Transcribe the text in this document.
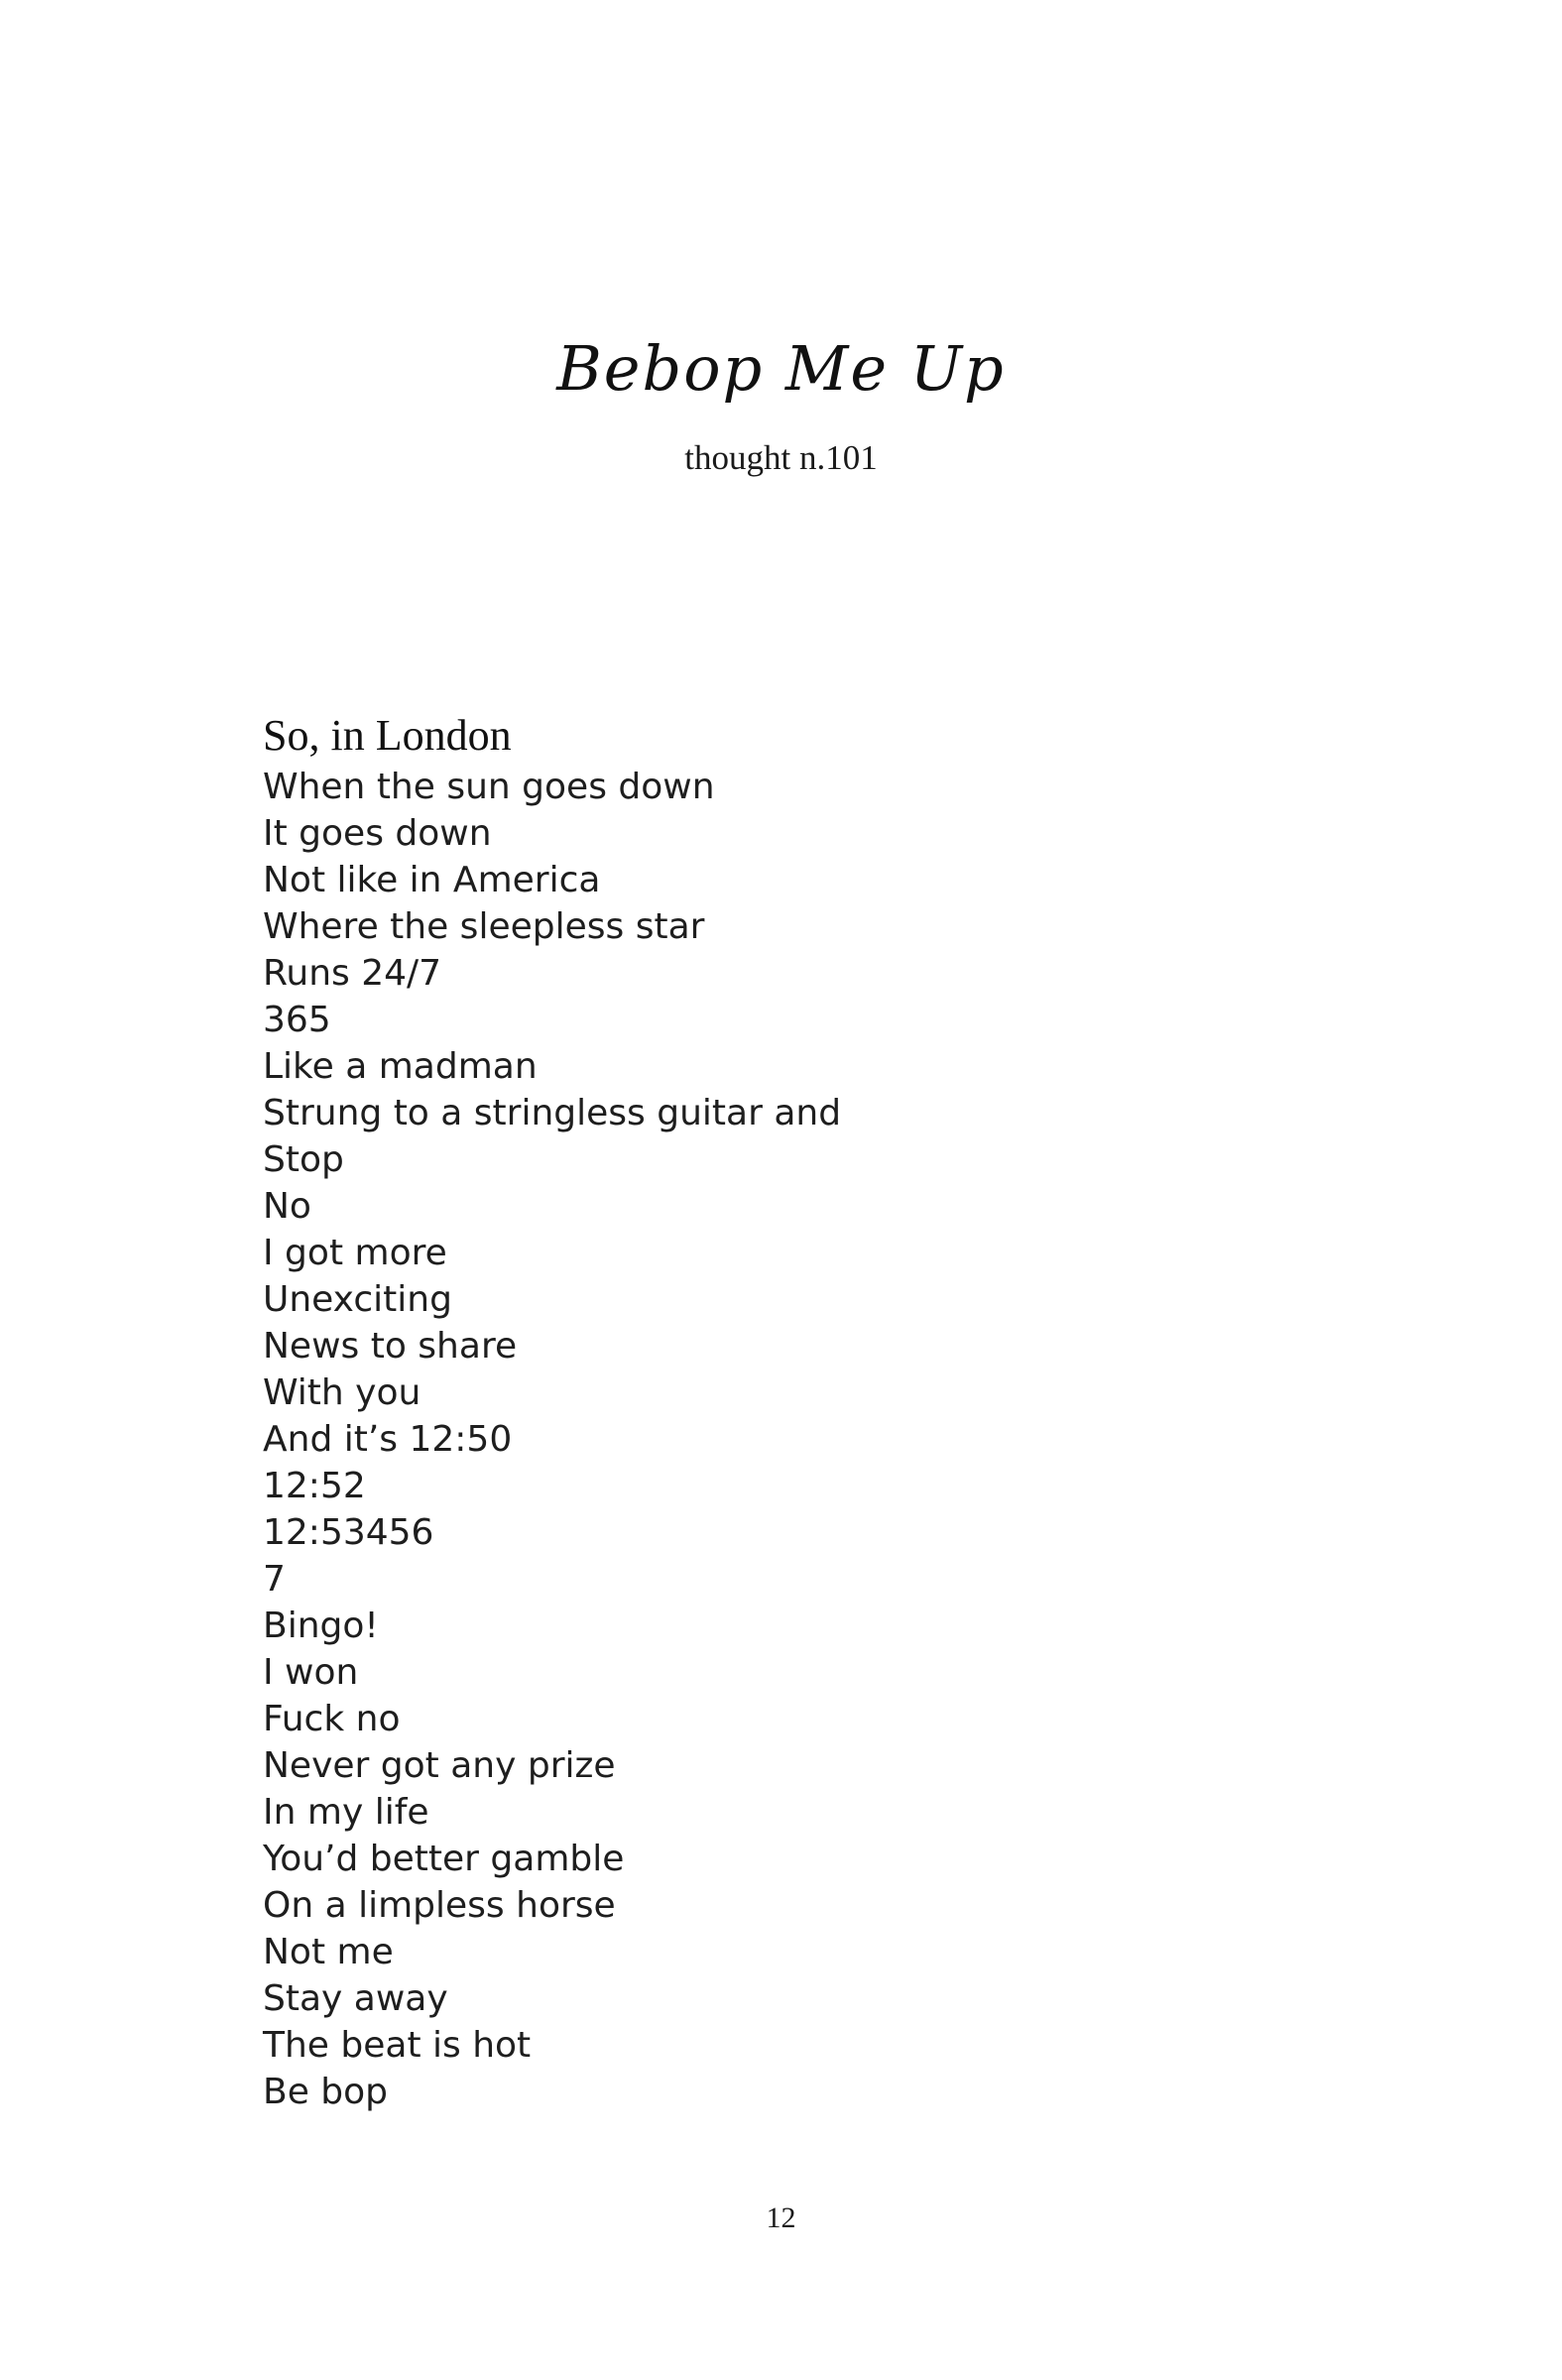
Bebop Me Up
thought n.101
So, in London
When the sun goes down
It goes down
Not like in America
Where the sleepless star
Runs 24/7
365
Like a madman
Strung to a stringless guitar and
Stop
No
I got more
Unexciting
News to share
With you
And it’s 12:50
12:52
12:53456
7
Bingo!
I won
Fuck no
Never got any prize
In my life
You’d better gamble
On a limpless horse
Not me
Stay away
The beat is hot
Be bop
12
